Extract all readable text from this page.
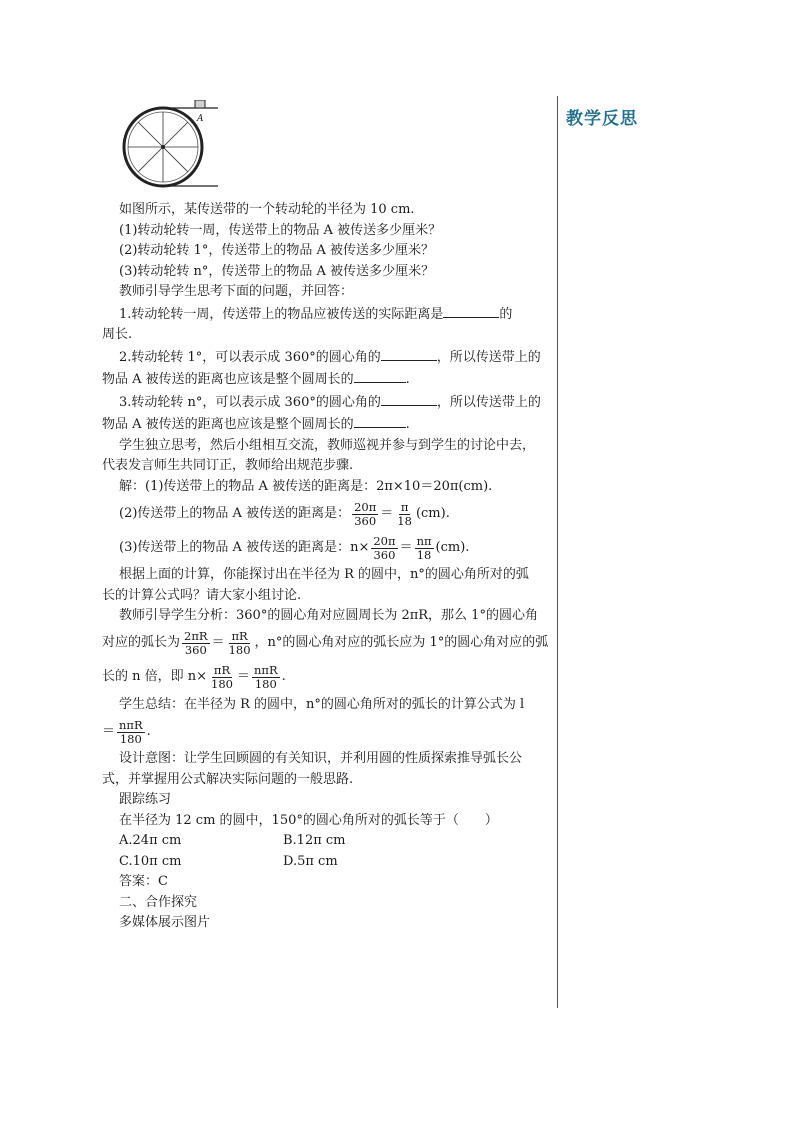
教学反思
A

如图所示，某传送带的一个转动轮的半径为 10 cm.

(1)转动轮转一周，传送带上的物品 A 被传送多少厘米？

(2)转动轮转 1°，传送带上的物品 A 被传送多少厘米？

(3)转动轮转 n°，传送带上的物品 A 被传送多少厘米？

教师引导学生思考下面的问题，并回答：

1.转动轮转一周，传送带上的物品应被传送的实际距离是	的

周长.

2.转动轮转 1°，可以表示成 360°的圆心角的	，所以传送带上的

物品 A 被传送的距离也应该是整个圆周长的	.

3.转动轮转 n°，可以表示成 360°的圆心角的	，所以传送带上的

物品 A 被传送的距离也应该是整个圆周长的	.

学生独立思考，然后小组相互交流，教师巡视并参与到学生的讨论中去，

代表发言师生共同订正，教师给出规范步骤.

解：(1)传送带上的物品 A 被传送的距离是：2π×10＝20π(cm).

(2)传送带上的物品 A 被传送的距离是： $\frac{20\pi}{360} = \frac{\pi}{18} (cm)$.
(3)传送带上的物品 A 被传送的距离是：$n\times \frac{20\pi}{360} = \frac{n\pi}{18} (cm)$.

根据上面的计算，你能探讨出在半径为 R 的圆中，n°的圆心角所对的弧

长的计算公式吗？请大家小组讨论.

教师引导学生分析：360°的圆心角对应圆周长为 2πR，那么 1°的圆心角

对应的弧长为 $\frac{2\pi R}{360} = \frac{\pi R}{180}$ ，n°的圆心角对应的弧长应为 1°的圆心角对应的弧
长的 n 倍，即 $n\times \frac{\pi R}{180} = \frac{\text{nπR}}{180}$ .

学生总结：在半径为 R 的圆中，n°的圆心角所对的弧长的计算公式为 l

＝ $\frac{\text{nπR}}{180}$ .

设计意图：让学生回顾圆的有关知识，并利用圆的性质探索推导弧长公

式，并掌握用公式解决实际问题的一般思路.

跟踪练习

在半径为 12 cm 的圆中，150°的圆心角所对的弧长等于（　　）

A.24π cm	B.12π cm
C.10π cm	D.5π cm

答案：C

二、合作探究

多媒体展示图片
